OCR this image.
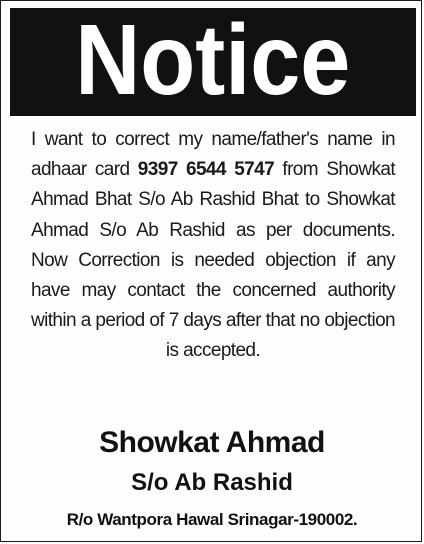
Notice
I want to correct my name/father's name in adhaar card 9397 6544 5747 from Showkat Ahmad Bhat S/o Ab Rashid Bhat to Showkat Ahmad S/o Ab Rashid as per documents. Now Correction is needed objection if any have may contact the concerned authority within a period of 7 days after that no objection is accepted.
Showkat Ahmad
S/o Ab Rashid
R/o Wantpora Hawal Srinagar-190002.
